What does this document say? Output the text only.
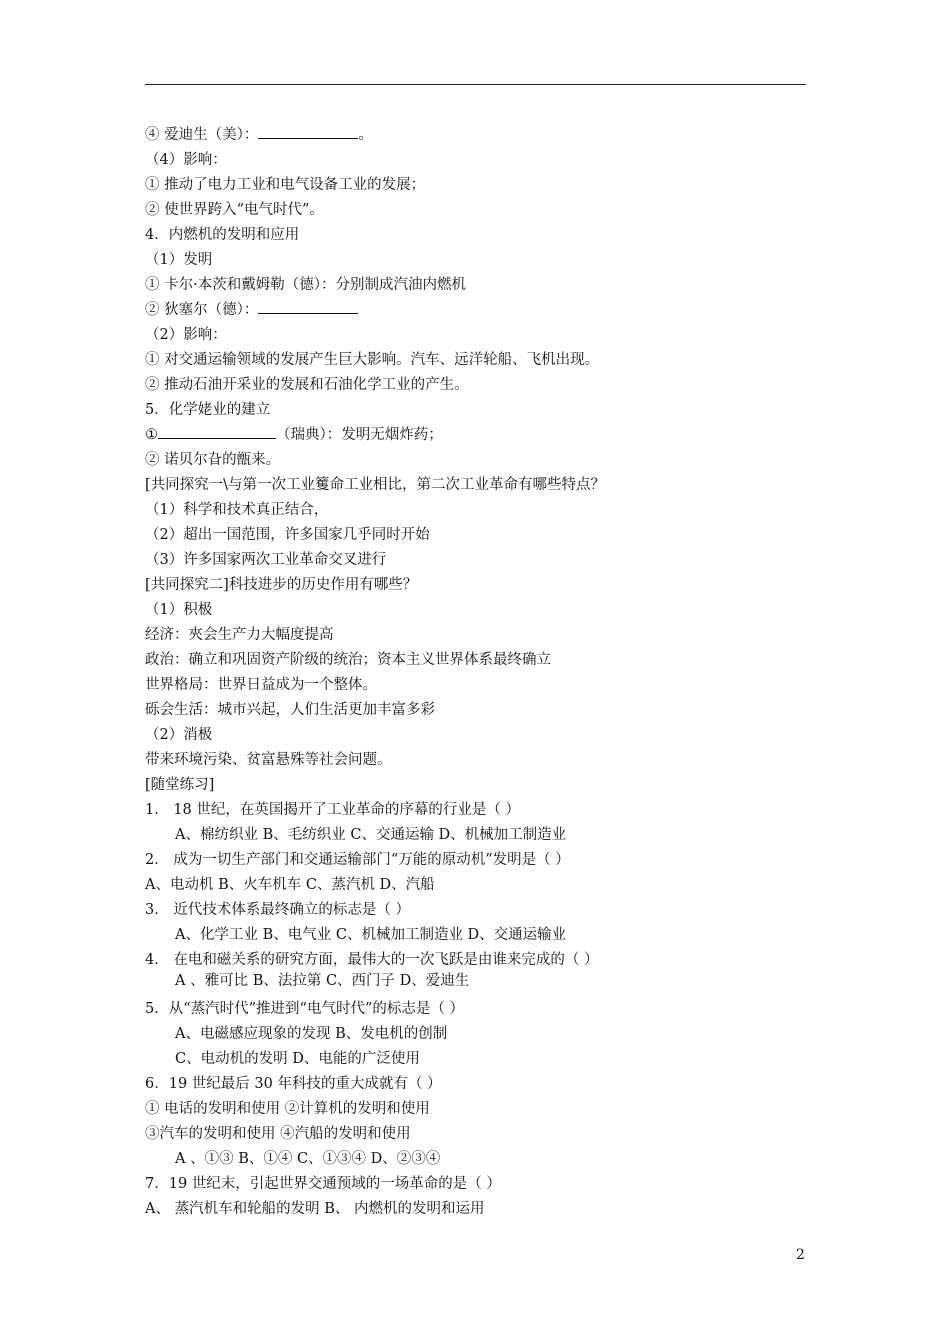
④ 爱迪生（美）：	。
（4）影响：
① 推动了电力工业和电气设备工业的发展；
② 使世界跨入“电气时代”。
4．内燃机的发明和应用
（1）发明
① 卡尔·本茨和戴姆勒（德）：分别制成汽油内燃机
② 狄塞尔（德）：
（2）影响：
① 对交通运输领域的发展产生巨大影响。汽车、远洋轮船、飞机出现。
② 推动石油开采业的发展和石油化学工业的产生。
5．化学姥业的建立
①	（瑞典）：发明无烟炸药；
② 诺贝尔旮的甑来。
[共同探究一\与第一次工业籆命工业相比，第二次工业革命有哪些特点？
（1）科学和技术真正结合，
（2）超出一国范围，许多国家几乎同时开始
（3）许多国家两次工业革命交叉进行
[共同探究二]科技进步的历史作用有哪些？
（1）积极
经济：夾会生产力大幅度提高
政治：确立和巩固资产阶级的统治；资本主义世界体系最终确立
世界格局：世界日益成为一个整体。
砾会生活：城市兴起，人们生活更加丰富多彩
（2）消极
带来环境污染、贫富悬殊等社会问题。
[随堂练习]
1． 18 世纪，在英国揭开了工业革命的序幕的行业是（ ）
A、棉纺织业 B、毛纺织业 C、交通运输 D、机械加工制造业
2． 成为一切生产部门和交通运输部门“万能的原动机”发明是（ ）
A、电动机 B、火车机车 C、蒸汽机 D、汽船
3． 近代技术体系最终确立的标志是（ ）
A、化学工业 B、电气业 C、机械加工制造业 D、交通运输业
4． 在电和磁关系的研究方面，最伟大的一次飞跃是由谁来完成的（ ）
A 、雅可比 B、法拉第 C、西门子 D、爱迪生
5．从“蒸汽时代”推进到“电气时代”的标志是（ ）
A、电磁感应现象的发现 B、发电机的创制
C、电动机的发明 D、电能的广泛使用
6．19 世纪最后 30 年科技的重大成就有（ ）
① 电话的发明和使用 ②计算机的发明和使用
③汽车的发明和使用 ④汽船的发明和使用
A 、①③ B、①④ C、①③④ D、②③④
7．19 世纪末，引起世界交通预域的一场革命的是（ ）
A、 蒸汽机车和轮船的发明 B、 内燃机的发明和运用
2
